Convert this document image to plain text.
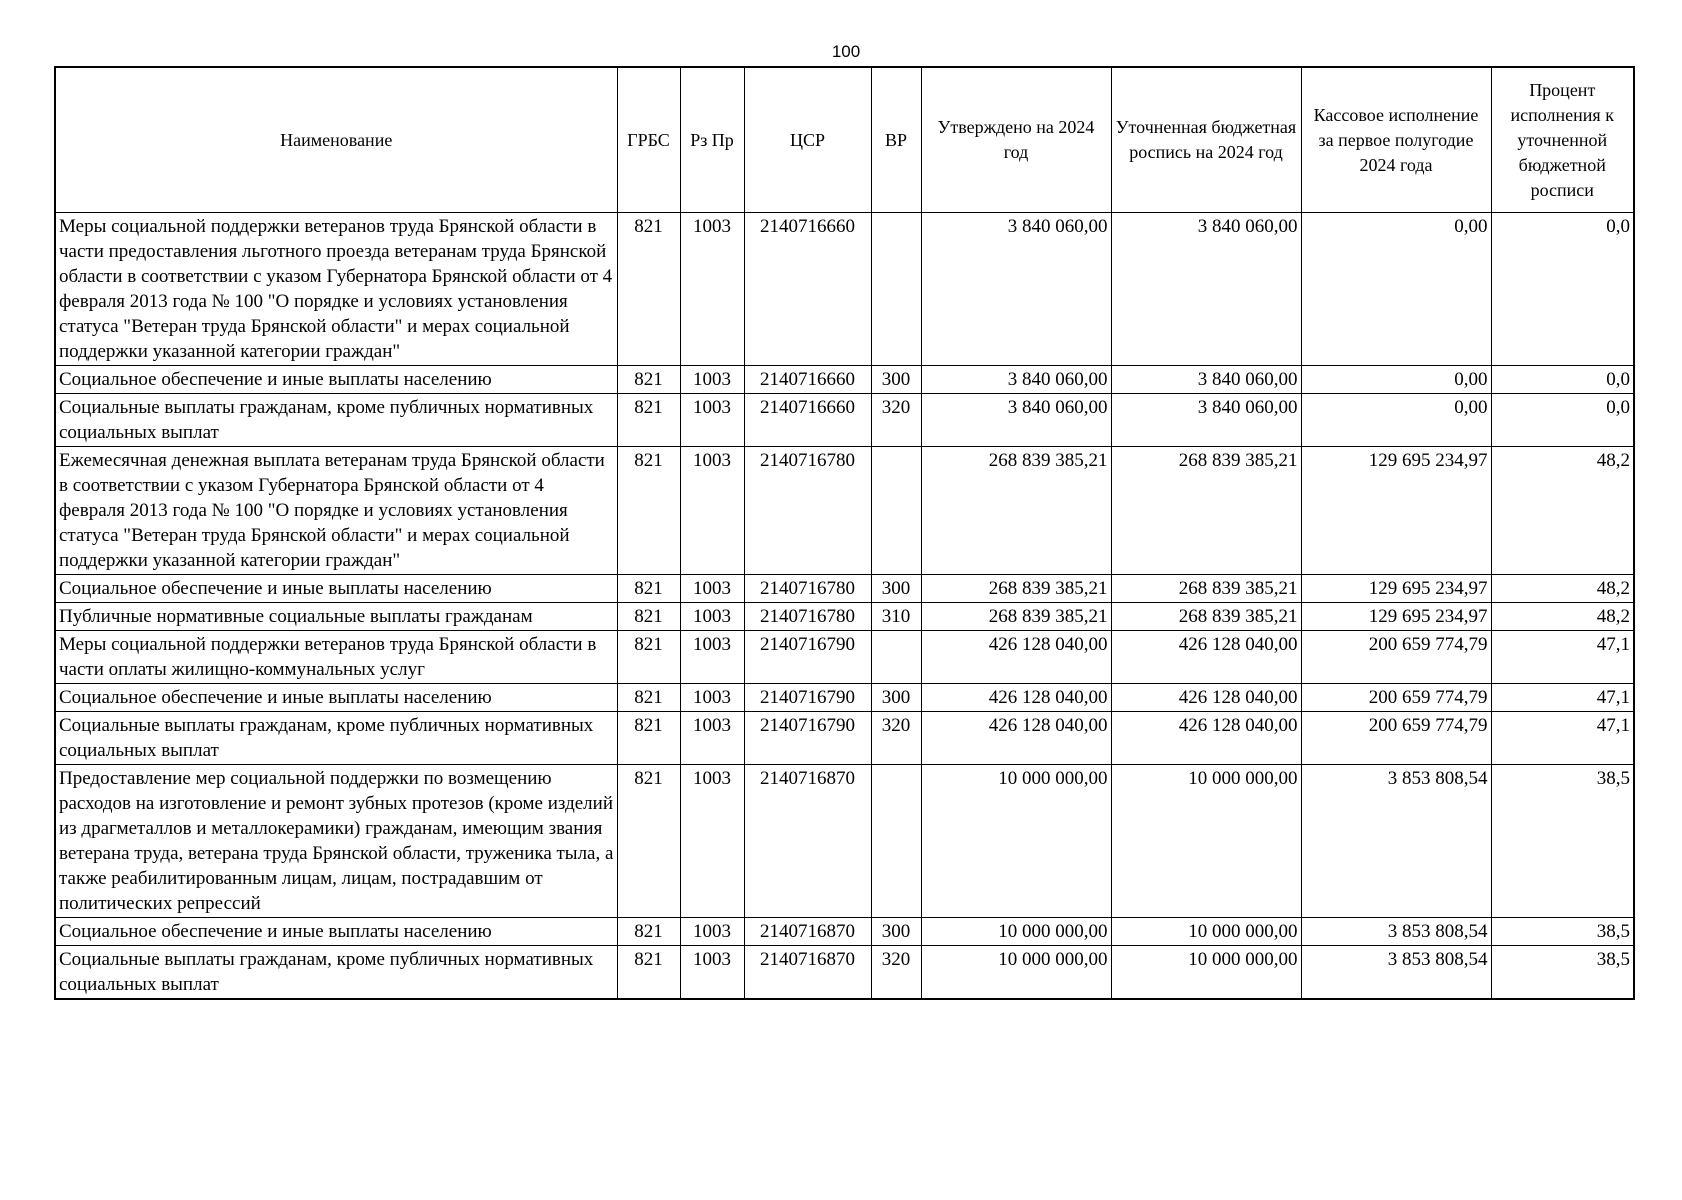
100
Наименование	ГРБС	Рз Пр	ЦСР	ВР	Утверждено на 2024 год	Уточненная бюджетная роспись на 2024 год	Кассовое исполнение за первое полугодие 2024 года	Процент исполнения к уточненной бюджетной росписи
Меры социальной поддержки ветеранов труда Брянской области в части предоставления льготного проезда ветеранам труда Брянской области в соответствии с указом Губернатора Брянской области от 4 февраля 2013 года № 100 "О порядке и условиях установления статуса "Ветеран труда Брянской области" и мерах социальной поддержки указанной категории граждан"	821	1003	2140716660		3 840 060,00	3 840 060,00	0,00	0,0
Социальное обеспечение и иные выплаты населению	821	1003	2140716660	300	3 840 060,00	3 840 060,00	0,00	0,0
Социальные выплаты гражданам, кроме публичных нормативных социальных выплат	821	1003	2140716660	320	3 840 060,00	3 840 060,00	0,00	0,0
Ежемесячная денежная выплата ветеранам труда Брянской области в соответствии с указом Губернатора Брянской области от 4 февраля 2013 года № 100 "О порядке и условиях установления статуса "Ветеран труда Брянской области" и мерах социальной поддержки указанной категории граждан"	821	1003	2140716780		268 839 385,21	268 839 385,21	129 695 234,97	48,2
Социальное обеспечение и иные выплаты населению	821	1003	2140716780	300	268 839 385,21	268 839 385,21	129 695 234,97	48,2
Публичные нормативные социальные выплаты гражданам	821	1003	2140716780	310	268 839 385,21	268 839 385,21	129 695 234,97	48,2
Меры социальной поддержки ветеранов труда Брянской области в части оплаты жилищно-коммунальных услуг	821	1003	2140716790		426 128 040,00	426 128 040,00	200 659 774,79	47,1
Социальное обеспечение и иные выплаты населению	821	1003	2140716790	300	426 128 040,00	426 128 040,00	200 659 774,79	47,1
Социальные выплаты гражданам, кроме публичных нормативных социальных выплат	821	1003	2140716790	320	426 128 040,00	426 128 040,00	200 659 774,79	47,1
Предоставление мер социальной поддержки по возмещению расходов на изготовление и ремонт зубных протезов (кроме изделий из драгметаллов и металлокерамики) гражданам, имеющим звания ветерана труда, ветерана труда Брянской области, труженика тыла, а также реабилитированным лицам, лицам, пострадавшим от политических репрессий	821	1003	2140716870		10 000 000,00	10 000 000,00	3 853 808,54	38,5
Социальное обеспечение и иные выплаты населению	821	1003	2140716870	300	10 000 000,00	10 000 000,00	3 853 808,54	38,5
Социальные выплаты гражданам, кроме публичных нормативных социальных выплат	821	1003	2140716870	320	10 000 000,00	10 000 000,00	3 853 808,54	38,5
